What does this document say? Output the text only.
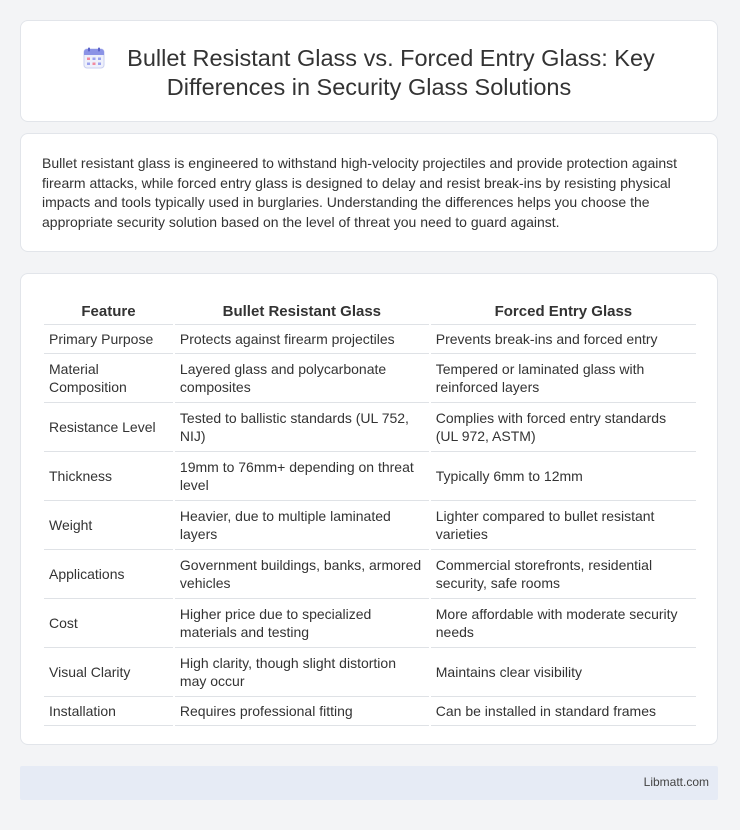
Bullet Resistant Glass vs. Forced Entry Glass: Key Differences in Security Glass Solutions
Bullet resistant glass is engineered to withstand high-velocity projectiles and provide protection against firearm attacks, while forced entry glass is designed to delay and resist break-ins by resisting physical impacts and tools typically used in burglaries. Understanding the differences helps you choose the appropriate security solution based on the level of threat you need to guard against.
Feature	Bullet Resistant Glass	Forced Entry Glass
Primary Purpose	Protects against firearm projectiles	Prevents break-ins and forced entry
Material Composition	Layered glass and polycarbonate composites	Tempered or laminated glass with reinforced layers
Resistance Level	Tested to ballistic standards (UL 752, NIJ)	Complies with forced entry standards (UL 972, ASTM)
Thickness	19mm to 76mm+ depending on threat level	Typically 6mm to 12mm
Weight	Heavier, due to multiple laminated layers	Lighter compared to bullet resistant varieties
Applications	Government buildings, banks, armored vehicles	Commercial storefronts, residential security, safe rooms
Cost	Higher price due to specialized materials and testing	More affordable with moderate security needs
Visual Clarity	High clarity, though slight distortion may occur	Maintains clear visibility
Installation	Requires professional fitting	Can be installed in standard frames
Libmatt.com
